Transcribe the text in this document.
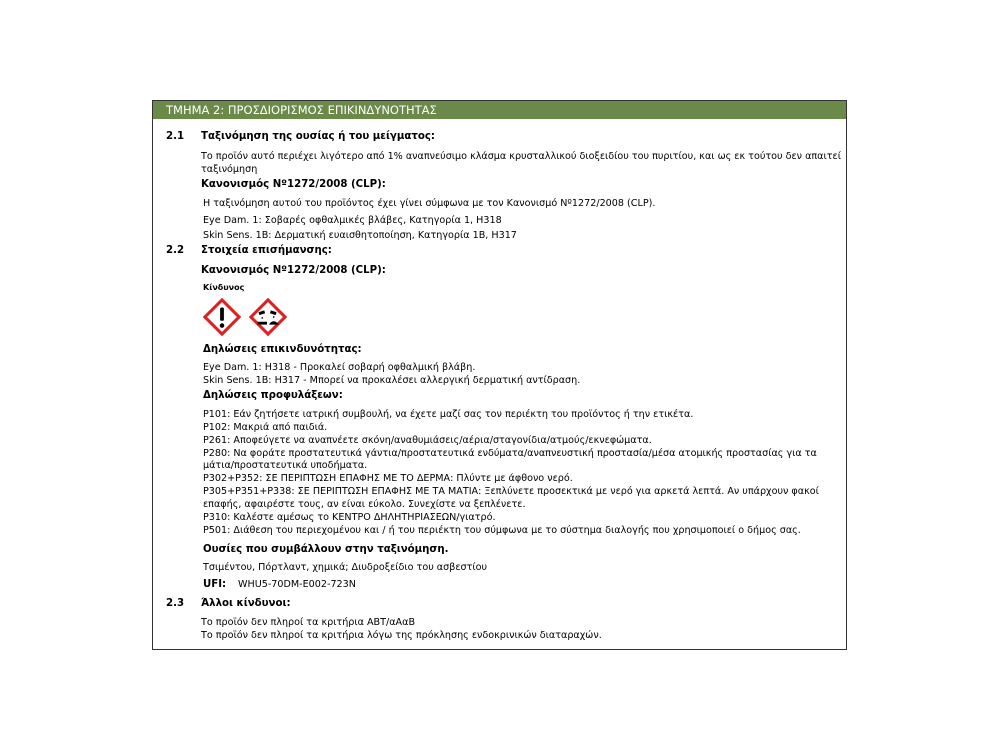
ΤΜΗΜΑ 2: ΠΡΟΣΔΙΟΡΙΣΜΟΣ ΕΠΙΚΙΝΔΥΝΟΤΗΤΑΣ
2.1 Ταξινόμηση της ουσίας ή του μείγματος:
Το προϊόν αυτό περιέχει λιγότερο από 1% αναπνεύσιμο κλάσμα κρυσταλλικού διοξειδίου του πυριτίου, και ως εκ τούτου δεν απαιτεί
ταξινόμηση
Κανονισμός Nº1272/2008 (CLP):
Η ταξινόμηση αυτού του προϊόντος έχει γίνει σύμφωνα με τον Κανονισμό Nº1272/2008 (CLP).
Eye Dam. 1: Σοβαρές οφθαλμικές βλάβες, Κατηγορία 1, H318
Skin Sens. 1B: Δερματική ευαισθητοποίηση, Κατηγορία 1B, H317
2.2 Στοιχεία επισήμανσης:
Κανονισμός Nº1272/2008 (CLP):
Κίνδυνος
Δηλώσεις επικινδυνότητας:
Eye Dam. 1: H318 - Προκαλεί σοβαρή οφθαλμική βλάβη.
Skin Sens. 1B: H317 - Μπορεί να προκαλέσει αλλεργική δερματική αντίδραση.
Δηλώσεις προφυλάξεων:
P101: Εάν ζητήσετε ιατρική συμβουλή, να έχετε μαζί σας τον περιέκτη του προϊόντος ή την ετικέτα.
P102: Μακριά από παιδιά.
P261: Αποφεύγετε να αναπνέετε σκόνη/αναθυμιάσεις/αέρια/σταγονίδια/ατμούς/εκνεφώματα.
P280: Να φοράτε προστατευτικά γάντια/προστατευτικά ενδύματα/αναπνευστική προστασία/μέσα ατομικής προστασίας για τα
μάτια/προστατευτικά υποδήματα.
P302+P352: ΣΕ ΠΕΡΙΠΤΩΣΗ ΕΠΑΦΗΣ ΜΕ ΤΟ ΔΕΡΜΑ: Πλύντε με άφθονο νερό.
P305+P351+P338: ΣΕ ΠΕΡΙΠΤΩΣΗ ΕΠΑΦΗΣ ΜΕ ΤΑ ΜΑΤΙΑ: Ξεπλύνετε προσεκτικά με νερό για αρκετά λεπτά. Αν υπάρχουν φακοί
επαφής, αφαιρέστε τους, αν είναι εύκολο. Συνεχίστε να ξεπλένετε.
P310: Καλέστε αμέσως το ΚΕΝΤΡΟ ΔΗΛΗΤΗΡΙΑΣΕΩΝ/γιατρό.
P501: Διάθεση του περιεχομένου και / ή του περιέκτη του σύμφωνα με το σύστημα διαλογής που χρησιμοποιεί ο δήμος σας.
Ουσίες που συμβάλλουν στην ταξινόμηση.
Τσιμέντου, Πόρτλαντ, χημικά; Διυδροξείδιο του ασβεστίου
UFI: WHU5-70DM-E002-723N
2.3 Άλλοι κίνδυνοι:
Το προϊόν δεν πληροί τα κριτήρια ΑΒΤ/αΑαΒ
Το προϊόν δεν πληροί τα κριτήρια λόγω της πρόκλησης ενδοκρινικών διαταραχών.
